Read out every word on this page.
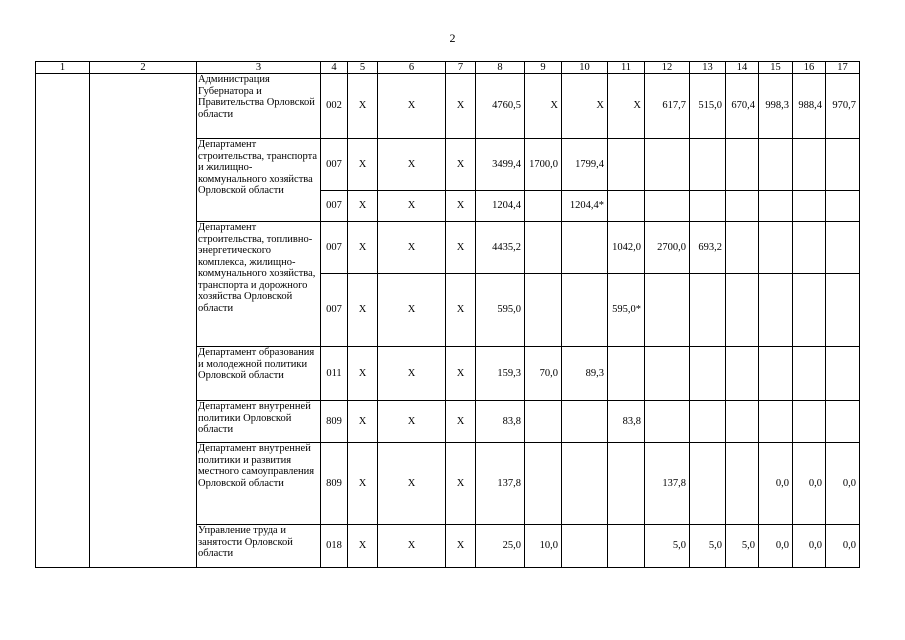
2
1	2	3	4	5	6	7	8	9	10	11	12	13	14	15	16	17
		Администрация Губернатора и Правительства Орловской области	002	Х	Х	Х	4760,5	Х	Х	Х	617,7	515,0	670,4	998,3	988,4	970,7
		Департамент строительства, транспорта и жилищно-коммунального хозяйства Орловской области	007	Х	Х	Х	3499,4	1700,0	1799,4							
			007	Х	Х	Х	1204,4		1204,4*							
		Департамент строительства, топливно-энергетического комплекса, жилищно-коммунального хозяйства, транспорта и дорожного хозяйства Орловской области	007	Х	Х	Х	4435,2			1042,0	2700,0	693,2				
			007	Х	Х	Х	595,0			595,0*						
		Департамент образования и молодежной политики Орловской области	011	Х	Х	Х	159,3	70,0	89,3							
		Департамент внутренней политики Орловской области	809	Х	Х	Х	83,8			83,8						
		Департамент внутренней политики и развития местного самоуправления Орловской области	809	Х	Х	Х	137,8				137,8			0,0	0,0	0,0
		Управление труда и занятости Орловской области	018	Х	Х	Х	25,0	10,0			5,0	5,0	5,0	0,0	0,0	0,0
